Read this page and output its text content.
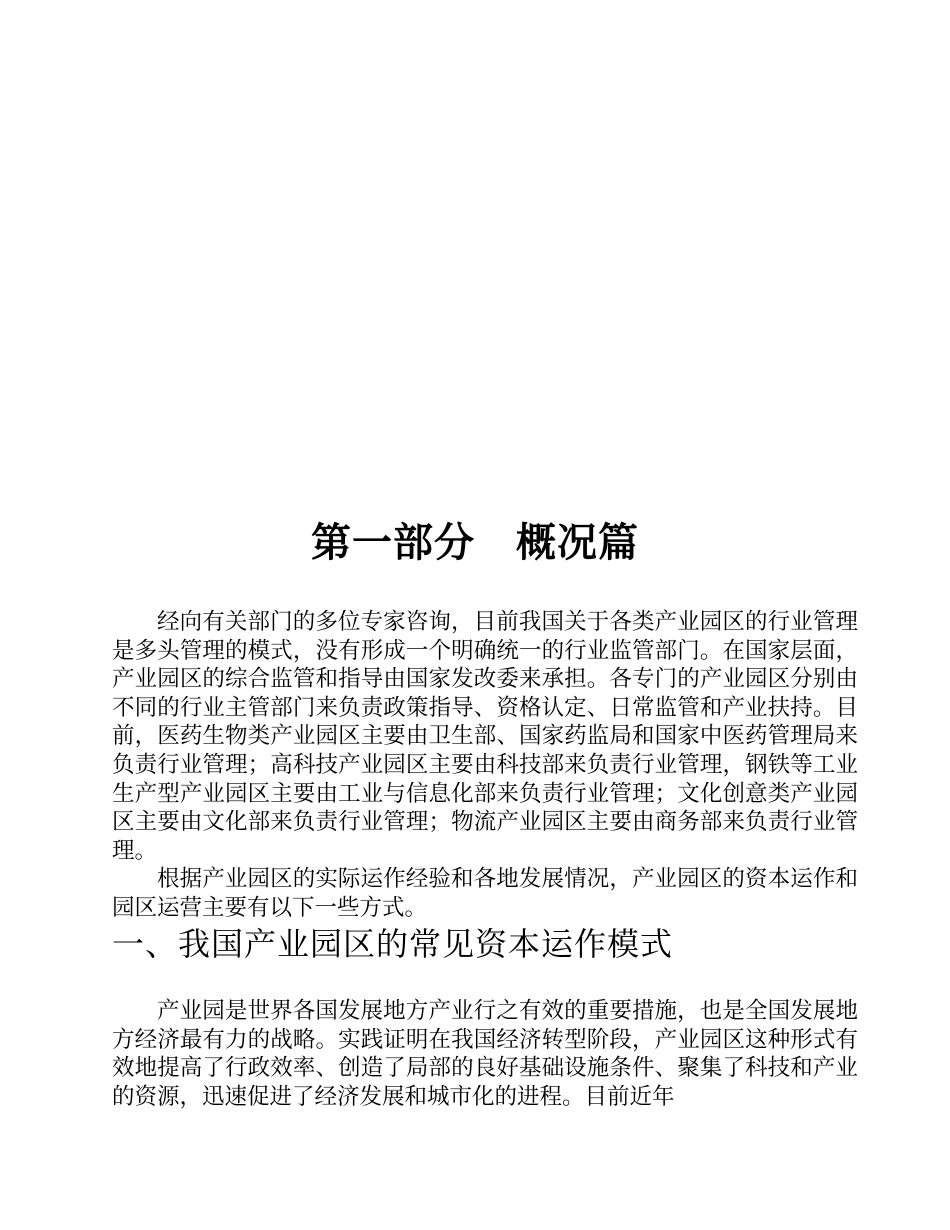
第一部分　概况篇

经向有关部门的多位专家咨询，目前我国关于各类产业园区的行业管理是多头管理的模式，没有形成一个明确统一的行业监管部门。在国家层面，产业园区的综合监管和指导由国家发改委来承担。各专门的产业园区分别由不同的行业主管部门来负责政策指导、资格认定、日常监管和产业扶持。目前，医药生物类产业园区主要由卫生部、国家药监局和国家中医药管理局来负责行业管理；高科技产业园区主要由科技部来负责行业管理，钢铁等工业生产型产业园区主要由工业与信息化部来负责行业管理；文化创意类产业园区主要由文化部来负责行业管理；物流产业园区主要由商务部来负责行业管理。

根据产业园区的实际运作经验和各地发展情况，产业园区的资本运作和园区运营主要有以下一些方式。

一、我国产业园区的常见资本运作模式

产业园是世界各国发展地方产业行之有效的重要措施，也是全国发展地方经济最有力的战略。实践证明在我国经济转型阶段，产业园区这种形式有效地提高了行政效率、创造了局部的良好基础设施条件、聚集了科技和产业的资源，迅速促进了经济发展和城市化的进程。目前近年
